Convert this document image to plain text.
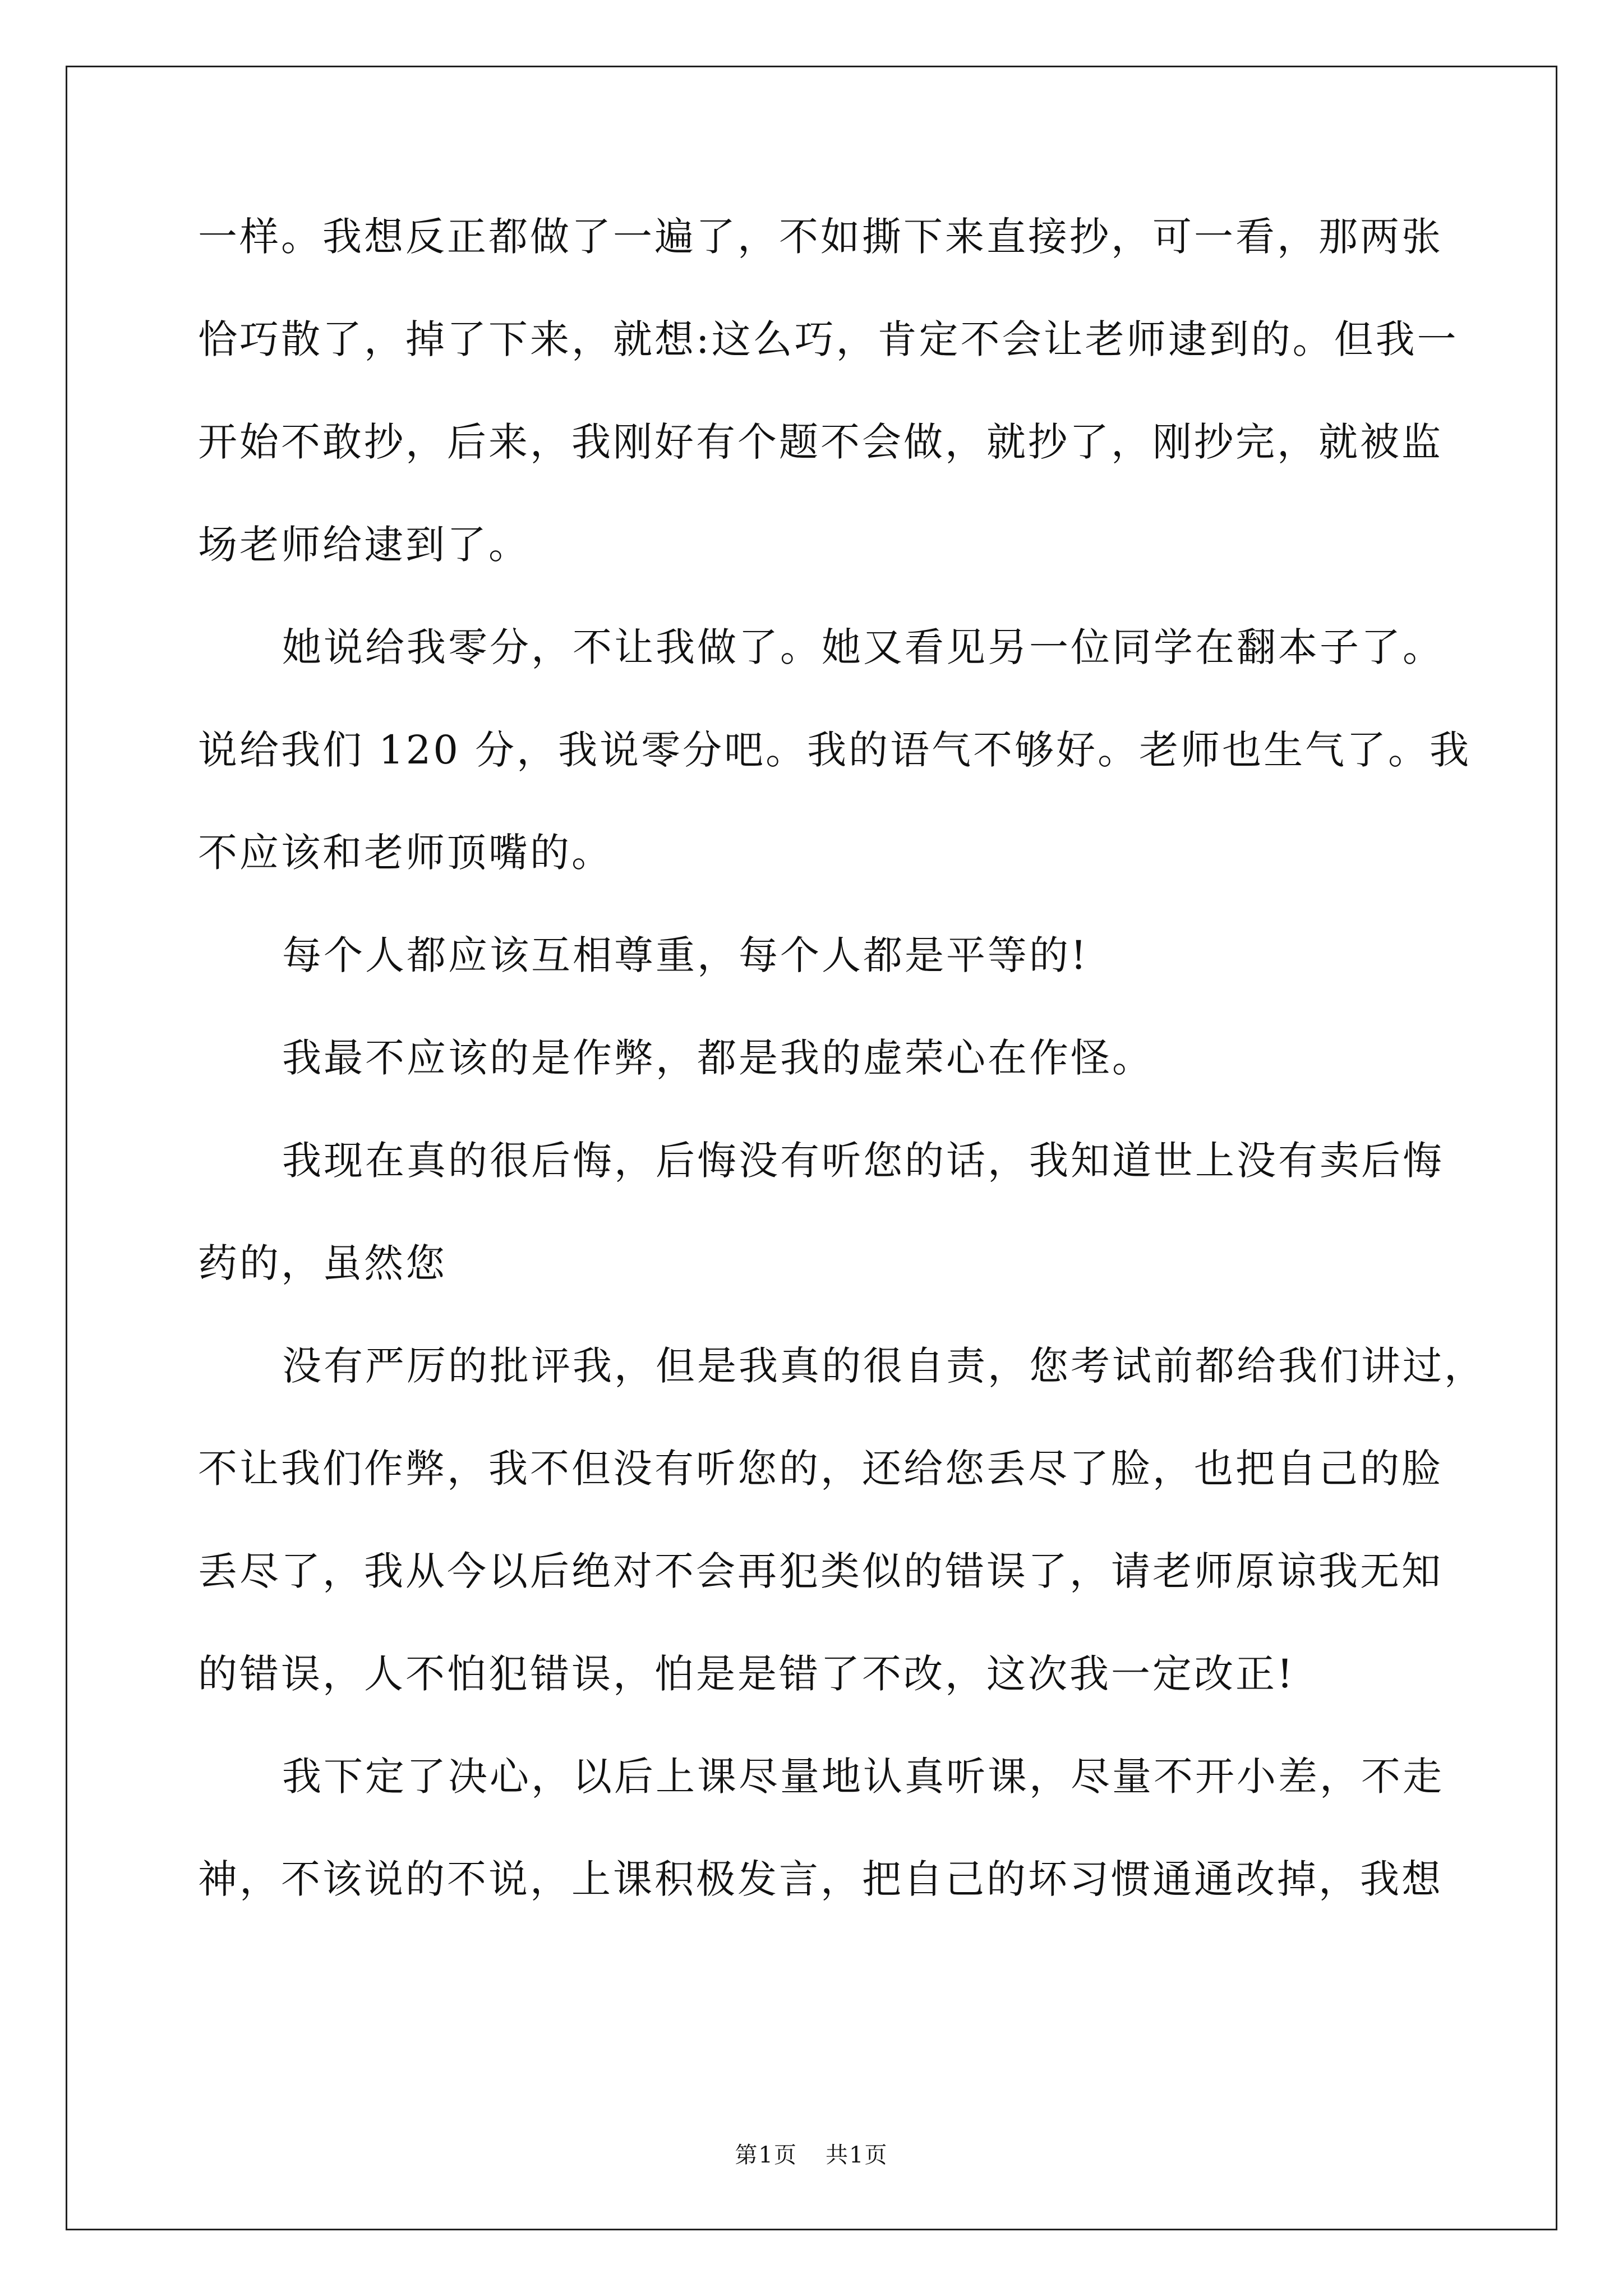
一样。我想反正都做了一遍了，不如撕下来直接抄，可一看，那两张
恰巧散了，掉了下来，就想:这么巧，肯定不会让老师逮到的。但我一
开始不敢抄，后来，我刚好有个题不会做，就抄了，刚抄完，就被监
场老师给逮到了。
她说给我零分，不让我做了。她又看见另一位同学在翻本子了。
说给我们 120 分，我说零分吧。我的语气不够好。老师也生气了。我
不应该和老师顶嘴的。
每个人都应该互相尊重，每个人都是平等的!
我最不应该的是作弊，都是我的虚荣心在作怪。
我现在真的很后悔，后悔没有听您的话，我知道世上没有卖后悔
药的，虽然您
没有严厉的批评我，但是我真的很自责，您考试前都给我们讲过，
不让我们作弊，我不但没有听您的，还给您丢尽了脸，也把自己的脸
丢尽了，我从今以后绝对不会再犯类似的错误了，请老师原谅我无知
的错误，人不怕犯错误，怕是是错了不改，这次我一定改正!
我下定了决心，以后上课尽量地认真听课，尽量不开小差，不走
神，不该说的不说，上课积极发言，把自己的坏习惯通通改掉，我想
第1页 共1页
